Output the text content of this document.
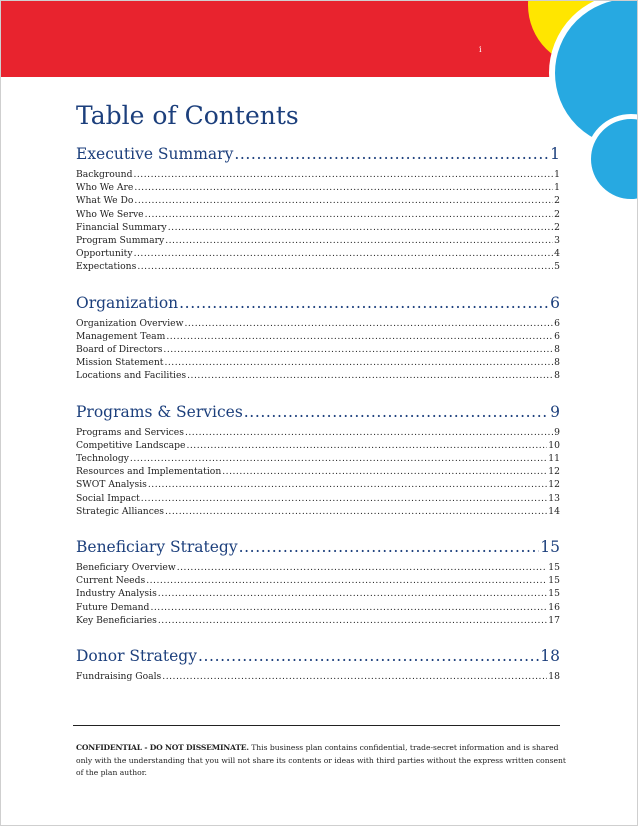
i
Table of Contents
Executive Summary .....	1
Background .....	1
Who We Are .....	1
What We Do .....	2
Who We Serve .....	2
Financial Summary .....	2
Program Summary .....	3
Opportunity .....	4
Expectations .....	5
Organization .....	6
Organization Overview .....	6
Management Team .....	6
Board of Directors .....	8
Mission Statement .....	8
Locations and Facilities .....	8
Programs & Services .....	9
Programs and Services .....	9
Competitive Landscape .....	10
Technology .....	11
Resources and Implementation .....	12
SWOT Analysis .....	12
Social Impact .....	13
Strategic Alliances .....	14
Beneficiary Strategy .....	15
Beneficiary Overview .....	15
Current Needs .....	15
Industry Analysis .....	15
Future Demand .....	16
Key Beneficiaries .....	17
Donor Strategy .....	18
Fundraising Goals .....	18

CONFIDENTIAL - DO NOT DISSEMINATE. This business plan contains confidential, trade-secret information and is shared only with the understanding that you will not share its contents or ideas with third parties without the express written consent of the plan author.
